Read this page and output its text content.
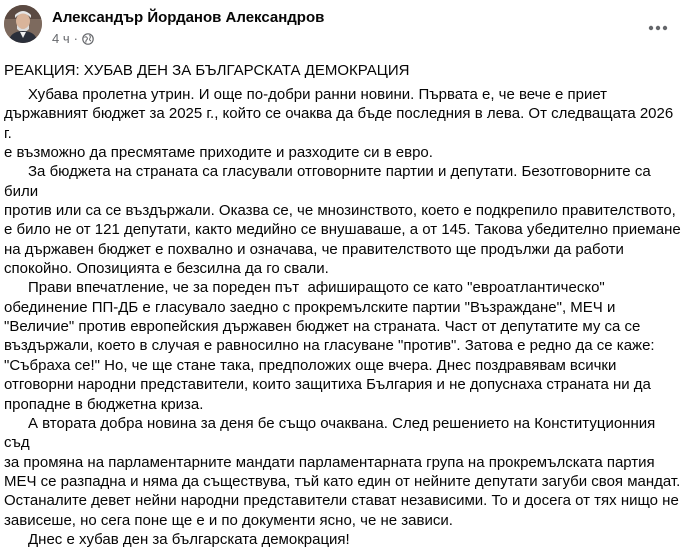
Александър Йорданов Александров
4 ч ·
РЕАКЦИЯ: ХУБАВ ДЕН ЗА БЪЛГАРСКАТА ДЕМОКРАЦИЯ

Хубава пролетна утрин. И още по-добри ранни новини. Първата е, че вече е приет
държавният бюджет за 2025 г., който се очаква да бъде последния в лева. От следващата 2026 г.
е възможно да пресмятаме приходите и разходите си в евро.

За бюджета на страната са гласували отговорните партии и депутати. Безотговорните са били
против или са се въздържали. Оказва се, че мнозинството, което е подкрепило правителството,
е било не от 121 депутати, както медийно се внушаваше, а от 145. Такова убедително приемане
на държавен бюджет е похвално и означава, че правителството ще продължи да работи
спокойно. Опозицията е безсилна да го свали.

Прави впечатление, че за пореден път  афиширащото се като "евроатлантическо"
обединение ПП-ДБ е гласувало заедно с прокремълските партии "Възраждане", МЕЧ и
"Величие" против европейския държавен бюджет на страната. Част от депутатите му са се
въздържали, което в случая е равносилно на гласуване "против". Затова е редно да се каже:
"Събраха се!" Но, че ще стане така, предположих още вчера. Днес поздравявам всички
отговорни народни представители, които защитиха България и не допуснаха страната ни да
пропадне в бюджетна криза.

А втората добра новина за деня бе също очаквана. След решението на Конституционния съд
за промяна на парламентарните мандати парламентарната група на прокремълската партия
МЕЧ се разпадна и няма да съществува, тъй като един от нейните депутати загуби своя мандат.
Останалите девет нейни народни представители стават независими. То и досега от тях нищо не
зависеше, но сега поне ще е и по документи ясно, че не зависи.

Днес е хубав ден за българската демокрация!
